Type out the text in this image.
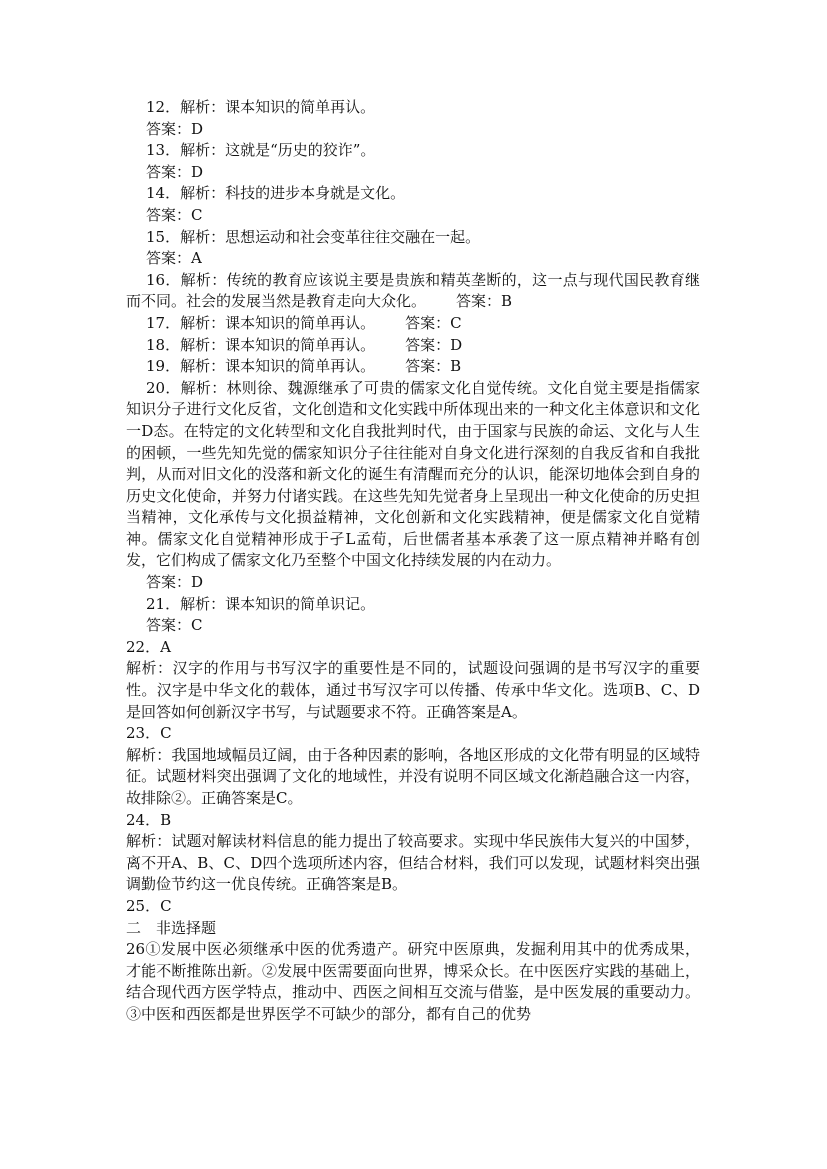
12．解析：课本知识的简单再认。
答案：D
13．解析：这就是“历史的狡诈”。
答案：D
14．解析：科技的进步本身就是文化。
答案：C
15．解析：思想运动和社会变革往往交融在一起。
答案：A
16．解析：传统的教育应该说主要是贵族和精英垄断的，这一点与现代国民教育继而不同。社会的发展当然是教育走向大众化。 答案：B
17．解析：课本知识的简单再认。 答案：C
18．解析：课本知识的简单再认。 答案：D
19．解析：课本知识的简单再认。 答案：B
20．解析：林则徐、魏源继承了可贵的儒家文化自觉传统。文化自觉主要是指儒家知识分子进行文化反省，文化创造和文化实践中所体现出来的一种文化主体意识和文化一D态。在特定的文化转型和文化自我批判时代，由于国家与民族的命运、文化与人生的困顿，一些先知先觉的儒家知识分子往往能对自身文化进行深刻的自我反省和自我批判，从而对旧文化的没落和新文化的诞生有清醒而充分的认识，能深切地体会到自身的历史文化使命，并努力付诸实践。在这些先知先觉者身上呈现出一种文化使命的历史担当精神，文化承传与文化损益精神，文化创新和文化实践精神，便是儒家文化自觉精神。儒家文化自觉精神形成于孑L孟荀，后世儒者基本承袭了这一原点精神并略有创发，它们构成了儒家文化乃至整个中国文化持续发展的内在动力。
答案：D
21．解析：课本知识的简单识记。
答案：C
22．A
解析：汉字的作用与书写汉字的重要性是不同的，试题设问强调的是书写汉字的重要性。汉字是中华文化的载体，通过书写汉字可以传播、传承中华文化。选项B、C、D是回答如何创新汉字书写，与试题要求不符。正确答案是A。
23．C
解析：我国地域幅员辽阔，由于各种因素的影响，各地区形成的文化带有明显的区域特征。试题材料突出强调了文化的地域性，并没有说明不同区域文化渐趋融合这一内容，故排除②。正确答案是C。
24．B
解析：试题对解读材料信息的能力提出了较高要求。实现中华民族伟大复兴的中国梦，离不开A、B、C、D四个选项所述内容，但结合材料，我们可以发现，试题材料突出强调勤俭节约这一优良传统。正确答案是B。
25．C
二　非选择题
26①发展中医必须继承中医的优秀遗产。研究中医原典，发掘利用其中的优秀成果，才能不断推陈出新。②发展中医需要面向世界，博采众长。在中医医疗实践的基础上，结合现代西方医学特点，推动中、西医之间相互交流与借鉴，是中医发展的重要动力。③中医和西医都是世界医学不可缺少的部分，都有自己的优势
